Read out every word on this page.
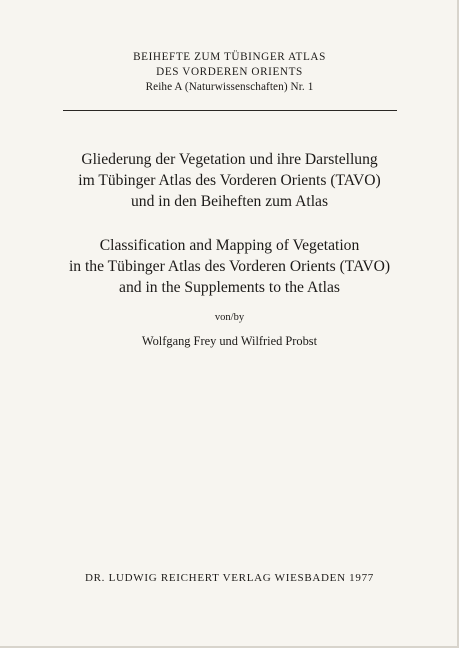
BEIHEFTE ZUM TÜBINGER ATLAS
DES VORDEREN ORIENTS
Reihe A (Naturwissenschaften) Nr. 1
Gliederung der Vegetation und ihre Darstellung
im Tübinger Atlas des Vorderen Orients (TAVO)
und in den Beiheften zum Atlas
Classification and Mapping of Vegetation
in the Tübinger Atlas des Vorderen Orients (TAVO)
and in the Supplements to the Atlas
von/by
Wolfgang Frey und Wilfried Probst
DR. LUDWIG REICHERT VERLAG WIESBADEN 1977
